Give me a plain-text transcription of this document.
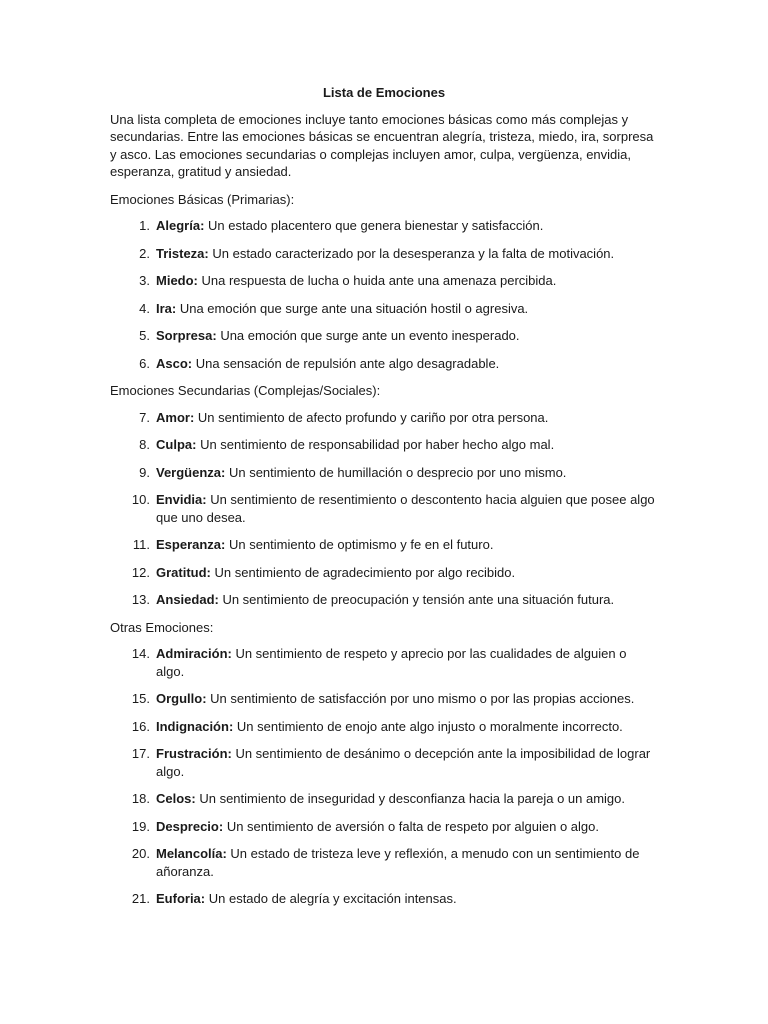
Lista de Emociones

Una lista completa de emociones incluye tanto emociones básicas como más complejas y secundarias. Entre las emociones básicas se encuentran alegría, tristeza, miedo, ira, sorpresa y asco. Las emociones secundarias o complejas incluyen amor, culpa, vergüenza, envidia, esperanza, gratitud y ansiedad.

Emociones Básicas (Primarias):

1. Alegría: Un estado placentero que genera bienestar y satisfacción.
2. Tristeza: Un estado caracterizado por la desesperanza y la falta de motivación.
3. Miedo: Una respuesta de lucha o huida ante una amenaza percibida.
4. Ira: Una emoción que surge ante una situación hostil o agresiva.
5. Sorpresa: Una emoción que surge ante un evento inesperado.
6. Asco: Una sensación de repulsión ante algo desagradable.

Emociones Secundarias (Complejas/Sociales):

7. Amor: Un sentimiento de afecto profundo y cariño por otra persona.
8. Culpa: Un sentimiento de responsabilidad por haber hecho algo mal.
9. Vergüenza: Un sentimiento de humillación o desprecio por uno mismo.
10. Envidia: Un sentimiento de resentimiento o descontento hacia alguien que posee algo que uno desea.
11. Esperanza: Un sentimiento de optimismo y fe en el futuro.
12. Gratitud: Un sentimiento de agradecimiento por algo recibido.
13. Ansiedad: Un sentimiento de preocupación y tensión ante una situación futura.

Otras Emociones:

14. Admiración: Un sentimiento de respeto y aprecio por las cualidades de alguien o algo.
15. Orgullo: Un sentimiento de satisfacción por uno mismo o por las propias acciones.
16. Indignación: Un sentimiento de enojo ante algo injusto o moralmente incorrecto.
17. Frustración: Un sentimiento de desánimo o decepción ante la imposibilidad de lograr algo.
18. Celos: Un sentimiento de inseguridad y desconfianza hacia la pareja o un amigo.
19. Desprecio: Un sentimiento de aversión o falta de respeto por alguien o algo.
20. Melancolía: Un estado de tristeza leve y reflexión, a menudo con un sentimiento de añoranza.
21. Euforia: Un estado de alegría y excitación intensas.
